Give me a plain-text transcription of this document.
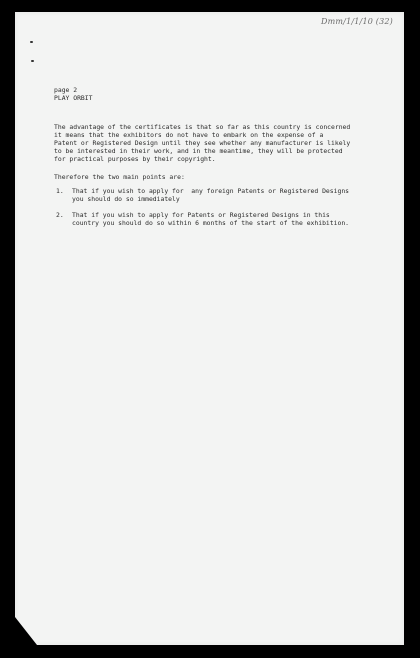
Dmm/1/1/10 (32)
page 2
PLAY ORBIT
The advantage of the certificates is that so far as this country is concerned
it means that the exhibitors do not have to embark on the expense of a
Patent or Registered Design until they see whether any manufacturer is likely
to be interested in their work, and in the meantime, they will be protected
for practical purposes by their copyright.
Therefore the two main points are:
1. That if you wish to apply for  any foreign Patents or Registered Designs
you should do so immediately
2. That if you wish to apply for Patents or Registered Designs in this
country you should do so within 6 months of the start of the exhibition.
